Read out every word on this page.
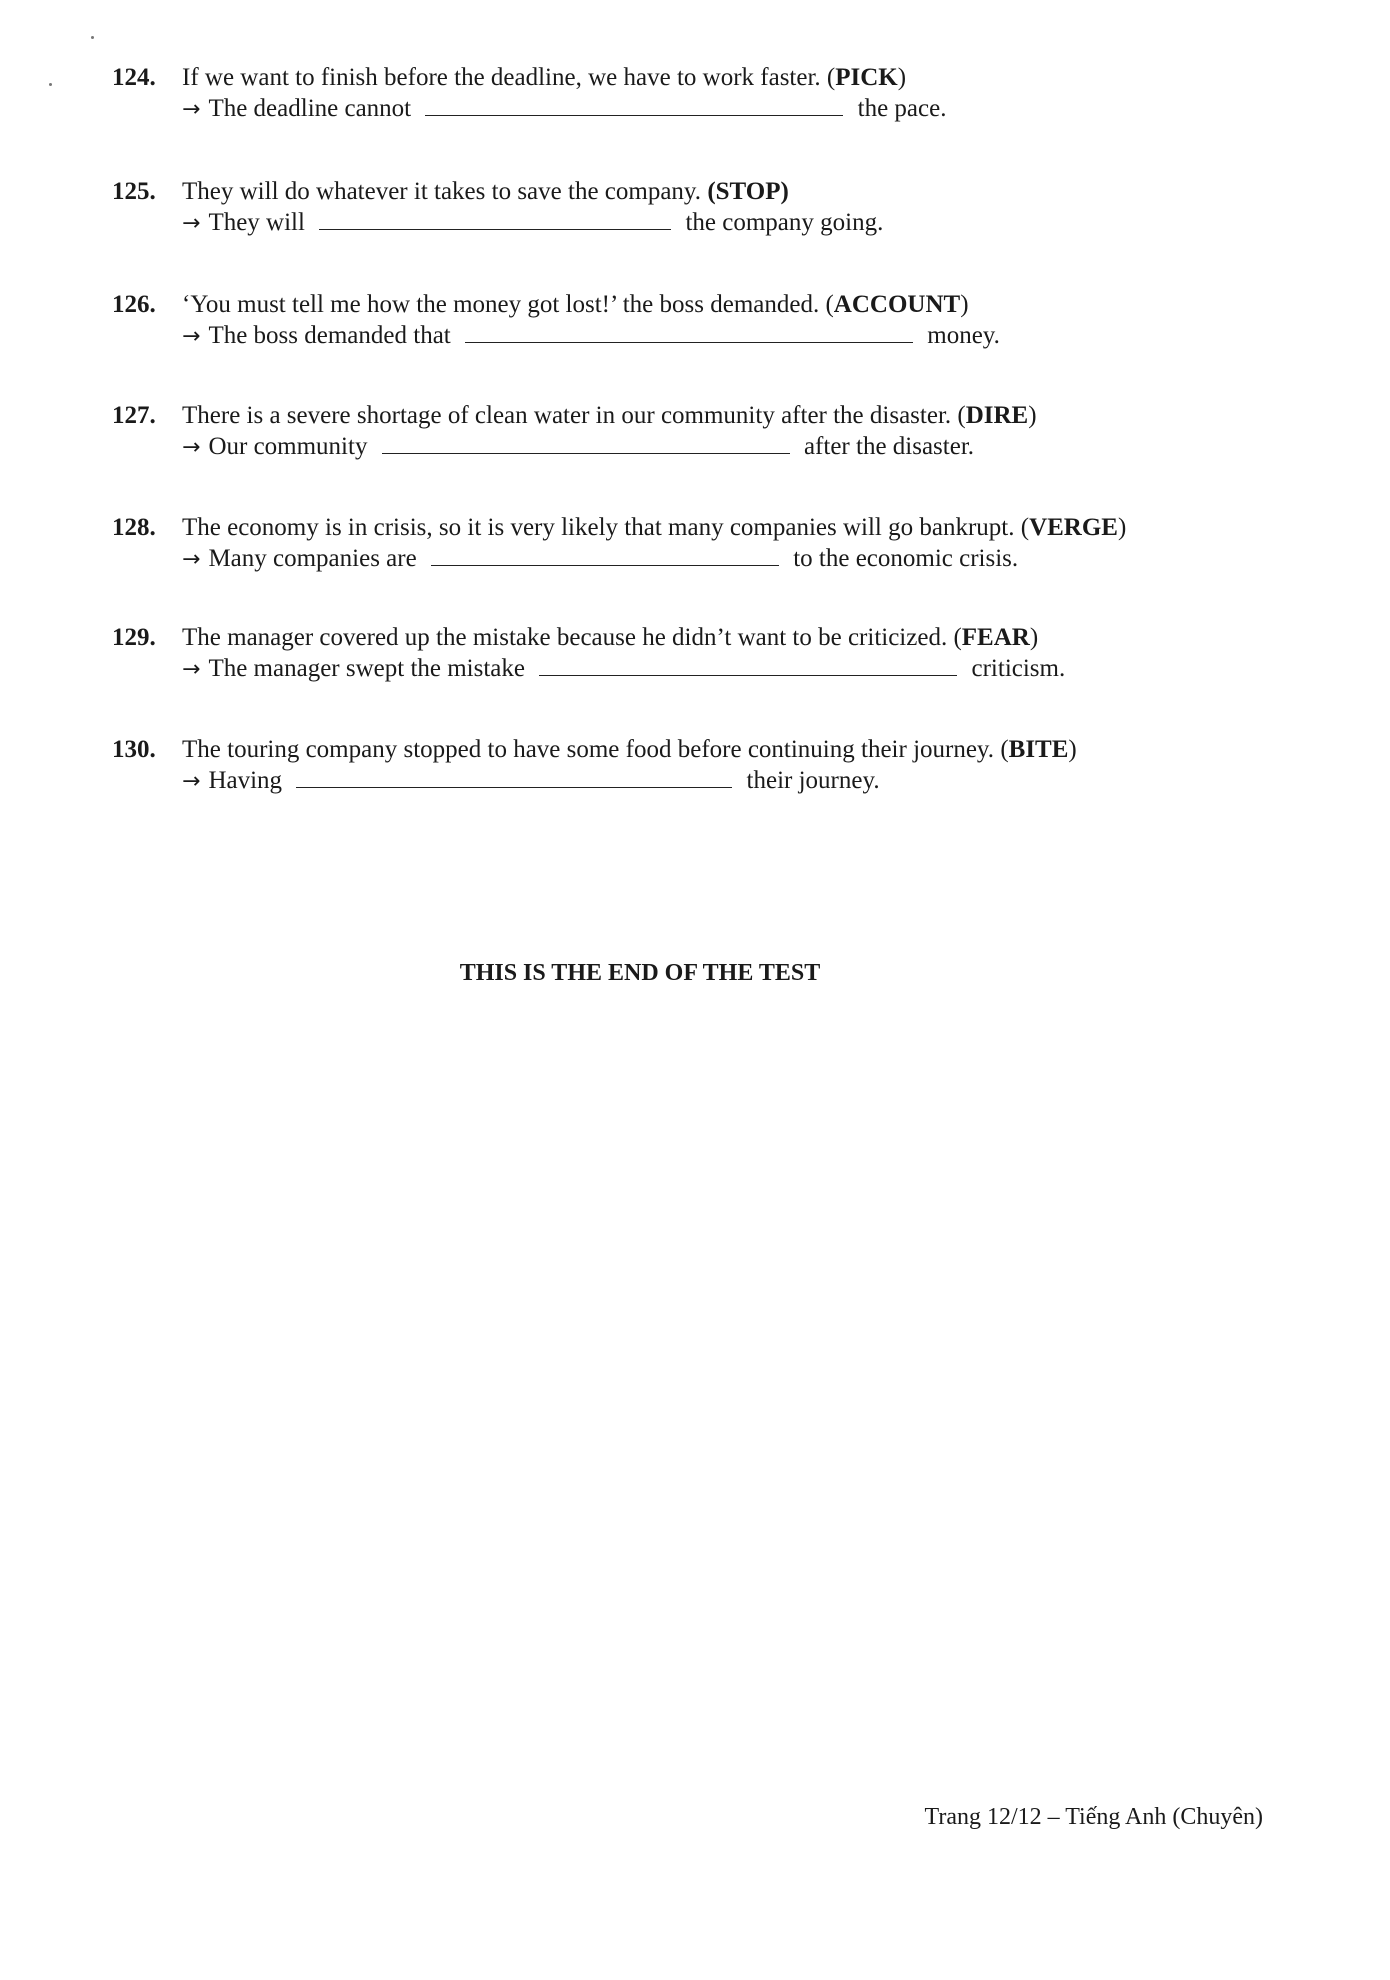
124. If we want to finish before the deadline, we have to work faster. (PICK)
→ The deadline cannot	the pace.
125. They will do whatever it takes to save the company. (STOP)
→ They will	the company going.
126. ‘You must tell me how the money got lost!’ the boss demanded. (ACCOUNT)
→ The boss demanded that	money.
127. There is a severe shortage of clean water in our community after the disaster. (DIRE)
→ Our community	after the disaster.
128. The economy is in crisis, so it is very likely that many companies will go bankrupt. (VERGE)
→ Many companies are	to the economic crisis.
129. The manager covered up the mistake because he didn’t want to be criticized. (FEAR)
→ The manager swept the mistake	criticism.
130. The touring company stopped to have some food before continuing their journey. (BITE)
→ Having	their journey.
THIS IS THE END OF THE TEST
Trang 12/12 – Tiếng Anh (Chuyên)
